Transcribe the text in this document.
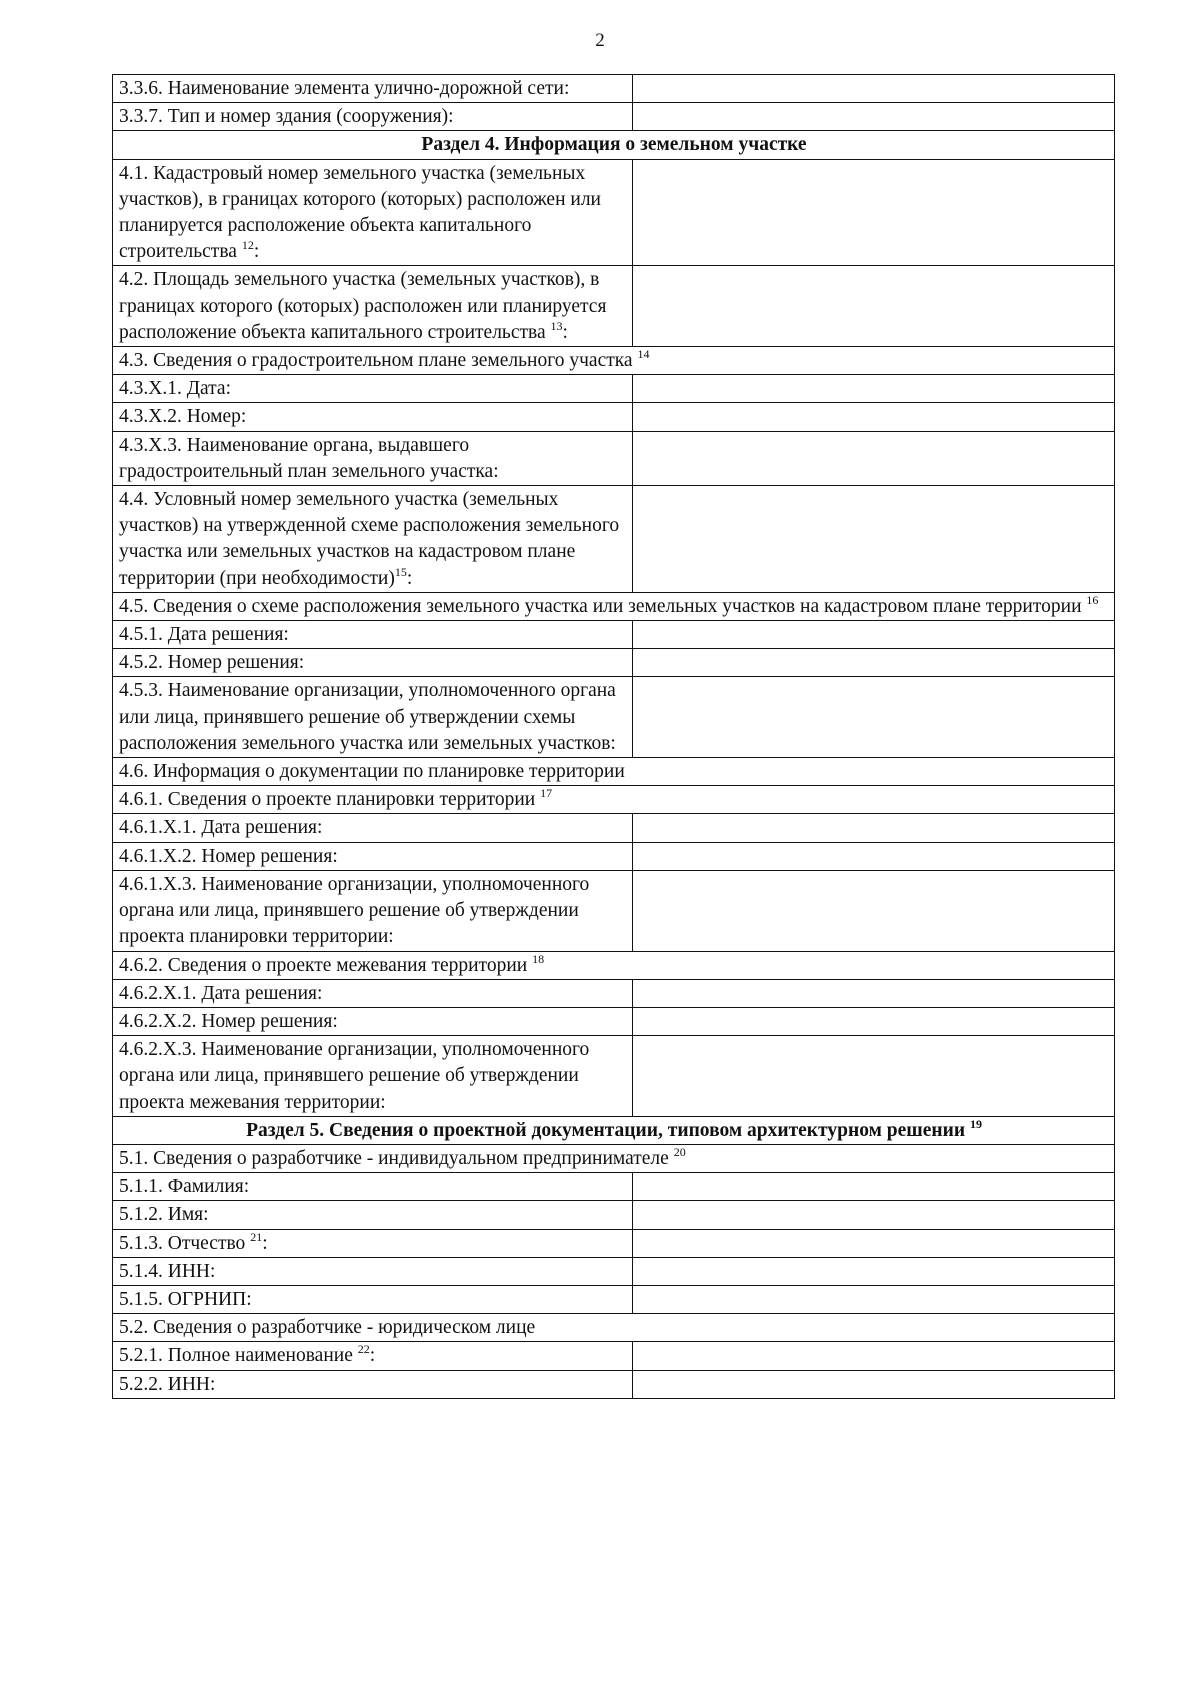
2
3.3.6. Наименование элемента улично-дорожной сети:	
3.3.7. Тип и номер здания (сооружения):	
Раздел 4. Информация о земельном участке	
4.1. Кадастровый номер земельного участка (земельных участков), в границах которого (которых) расположен или планируется расположение объекта капитального строительства $^{12}$:	
4.2. Площадь земельного участка (земельных участков), в границах которого (которых) расположен или планируется расположение объекта капитального строительства $^{13}$:	
4.3. Сведения о градостроительном плане земельного участка $^{14}$
4.3.Х.1. Дата:	
4.3.Х.2. Номер:	
4.3.Х.3. Наименование органа, выдавшего градостроительный план земельного участка:	
4.4. Условный номер земельного участка (земельных участков) на утвержденной схеме расположения земельного участка или земельных участков на кадастровом плане территории (при необходимости)$^{15}$:	
4.5. Сведения о схеме расположения земельного участка или земельных участков на кадастровом плане территории $^{16}$
4.5.1. Дата решения:	
4.5.2. Номер решения:	
4.5.3. Наименование организации, уполномоченного органа или лица, принявшего решение об утверждении схемы расположения земельного участка или земельных участков:	
4.6. Информация о документации по планировке территории	
4.6.1. Сведения о проекте планировки территории $^{17}$
4.6.1.Х.1. Дата решения:	
4.6.1.Х.2. Номер решения:	
4.6.1.Х.3. Наименование организации, уполномоченного органа или лица, принявшего решение об утверждении проекта планировки территории:	
4.6.2. Сведения о проекте межевания территории $^{18}$
4.6.2.Х.1. Дата решения:	
4.6.2.Х.2. Номер решения:	
4.6.2.Х.3. Наименование организации, уполномоченного органа или лица, принявшего решение об утверждении проекта межевания территории:	
Раздел 5. Сведения о проектной документации, типовом архитектурном решении $^{19}$
5.1. Сведения о разработчике - индивидуальном предпринимателе $^{20}$
5.1.1. Фамилия:	
5.1.2. Имя:	
5.1.3. Отчество $^{21}$:	
5.1.4. ИНН:	
5.1.5. ОГРНИП:	
5.2. Сведения о разработчике - юридическом лице	
5.2.1. Полное наименование $^{22}$:	
5.2.2. ИНН:	
